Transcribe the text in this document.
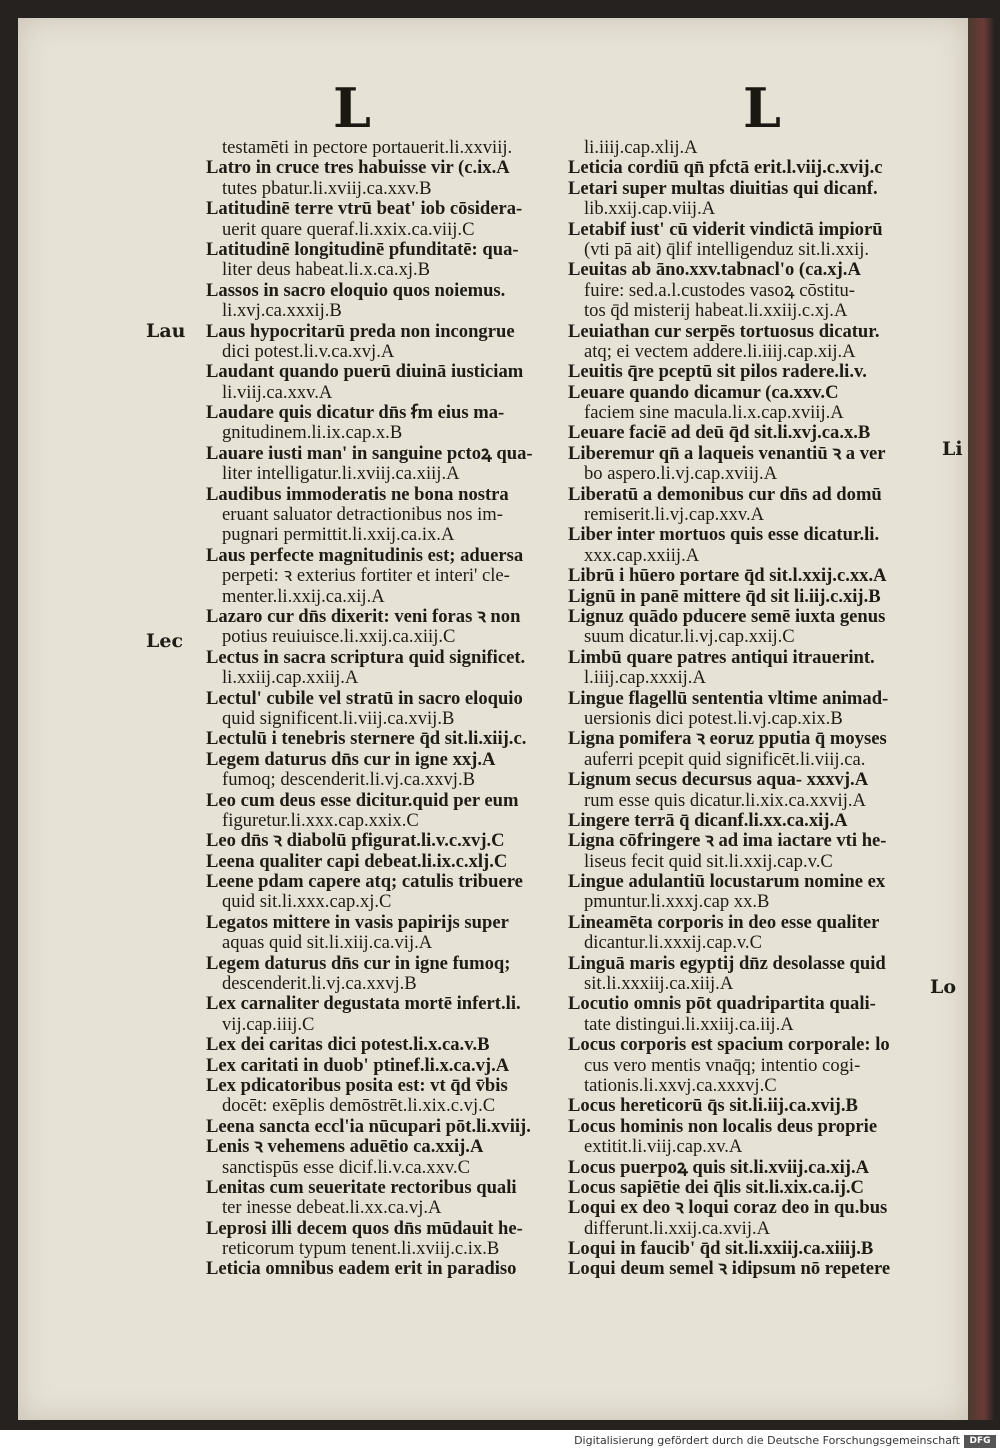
L	L
Lau
Lec
Li
Lo
testamēti in pectore portauerit.li.xxviij.
Latro in cruce tres habuisse vir (c.ix.A
tutes pbatur.li.xviij.ca.xxv.B
Latitudinē terre vtrū beat' iob cōsidera-
uerit quare queraf.li.xxix.ca.viij.C
Latitudinē longitudinē pfunditatē: qua-
liter deus habeat.li.x.ca.xj.B
Lassos in sacro eloquio quos noiemus.
li.xvj.ca.xxxij.B
Laus hypocritarū preda non incongrue
dici potest.li.v.ca.xvj.A
Laudant quando puerū diuinā iusticiam
li.viij.ca.xxv.A
Laudare quis dicatur dn̄s ẜm eius ma-
gnitudinem.li.ix.cap.x.B
Lauare iusti man' in sanguine pctoꝝ qua-
liter intelligatur.li.xviij.ca.xiij.A
Laudibus immoderatis ne bona nostra
eruant saluator detractionibus nos im-
pugnari permittit.li.xxij.ca.ix.A
Laus perfecte magnitudinis est; aduersa
perpeti: ꝛ exterius fortiter et interi' cle-
menter.li.xxij.ca.xij.A
Lazaro cur dn̄s dixerit: veni foras ꝛ non
potius reuiuisce.li.xxij.ca.xiij.C
Lectus in sacra scriptura quid significet.
li.xxiij.cap.xxiij.A
Lectul' cubile vel stratū in sacro eloquio
quid significent.li.viij.ca.xvij.B
Lectulū i tenebris sternere q̄d sit.li.xiij.c.
Legem daturus dn̄s cur in igne xxj.A
fumoq; descenderit.li.vj.ca.xxvj.B
Leo cum deus esse dicitur.quid per eum
figuretur.li.xxx.cap.xxix.C
Leo dn̄s ꝛ diabolū pfigurat.li.v.c.xvj.C
Leena qualiter capi debeat.li.ix.c.xlj.C
Leene pdam capere atq; catulis tribuere
quid sit.li.xxx.cap.xj.C
Legatos mittere in vasis papirijs super
aquas quid sit.li.xiij.ca.vij.A
Legem daturus dn̄s cur in igne fumoq;
descenderit.li.vj.ca.xxvj.B
Lex carnaliter degustata mortē infert.li.
vij.cap.iiij.C
Lex dei caritas dici potest.li.x.ca.v.B
Lex caritati in duob' ptinef.li.x.ca.vj.A
Lex pdicatoribus posita est: vt q̄d v̄bis
docēt: exēplis demōstrēt.li.xix.c.vj.C
Leena sancta eccl'ia nūcupari pōt.li.xviij.
Lenis ꝛ vehemens aduētio ca.xxij.A
sanctispūs esse dicif.li.v.ca.xxv.C
Lenitas cum seueritate rectoribus quali
ter inesse debeat.li.xx.ca.vj.A
Leprosi illi decem quos dn̄s mūdauit he-
reticorum typum tenent.li.xviij.c.ix.B
Leticia omnibus eadem erit in paradiso
li.iiij.cap.xlij.A
Leticia cordiū qn̄ pfctā erit.l.viij.c.xvij.c
Letari super multas diuitias qui dicanf.
lib.xxij.cap.viij.A
Letabif iust' cū viderit vindictā impiorū
(vti pā ait) q̄lif intelligenduz sit.li.xxij.
Leuitas ab āno.xxv.tabnacl'o (ca.xj.A
fuire: sed.a.l.custodes vasoꝝ cōstitu-
tos q̄d misterij habeat.li.xxiij.c.xj.A
Leuiathan cur serpēs tortuosus dicatur.
atq; ei vectem addere.li.iiij.cap.xij.A
Leuitis q̄re pceptū sit pilos radere.li.v.
Leuare quando dicamur (ca.xxv.C
faciem sine macula.li.x.cap.xviij.A
Leuare faciē ad deū q̄d sit.li.xvj.ca.x.B
Liberemur qn̄ a laqueis venantiū ꝛ a ver
bo aspero.li.vj.cap.xviij.A
Liberatū a demonibus cur dn̄s ad domū
remiserit.li.vj.cap.xxv.A
Liber inter mortuos quis esse dicatur.li.
xxx.cap.xxiij.A
Librū i hūero portare q̄d sit.l.xxij.c.xx.A
Lignū in panē mittere q̄d sit li.iij.c.xij.B
Lignuz quādo pducere semē iuxta genus
suum dicatur.li.vj.cap.xxij.C
Limbū quare patres antiqui itrauerint.
l.iiij.cap.xxxij.A
Lingue flagellū sententia vltime animad-
uersionis dici potest.li.vj.cap.xix.B
Ligna pomifera ꝛ eoruz pputia q̄ moyses
auferri pcepit quid significēt.li.viij.ca.
Lignum secus decursus aqua- xxxvj.A
rum esse quis dicatur.li.xix.ca.xxvij.A
Lingere terrā q̄ dicanf.li.xx.ca.xij.A
Ligna cōfringere ꝛ ad ima iactare vti he-
liseus fecit quid sit.li.xxij.cap.v.C
Lingue adulantiū locustarum nomine ex
pmuntur.li.xxxj.cap xx.B
Lineamēta corporis in deo esse qualiter
dicantur.li.xxxij.cap.v.C
Linguā maris egyptij dn̄z desolasse quid
sit.li.xxxiij.ca.xiij.A
Locutio omnis pōt quadripartita quali-
tate distingui.li.xxiij.ca.iij.A
Locus corporis est spacium corporale: lo
cus vero mentis vnaq̄q; intentio cogi-
tationis.li.xxvj.ca.xxxvj.C
Locus hereticorū q̄s sit.li.iij.ca.xvij.B
Locus hominis non localis deus proprie
extitit.li.viij.cap.xv.A
Locus puerpoꝝ quis sit.li.xviij.ca.xij.A
Locus sapiētie dei q̄lis sit.li.xix.ca.ij.C
Loqui ex deo ꝛ loqui coraz deo in qu.bus
differunt.li.xxij.ca.xvij.A
Loqui in faucib' q̄d sit.li.xxiij.ca.xiiij.B
Loqui deum semel ꝛ idipsum nō repetere
Digitalisierung gefördert durch die Deutsche Forschungsgemeinschaft	DFG
